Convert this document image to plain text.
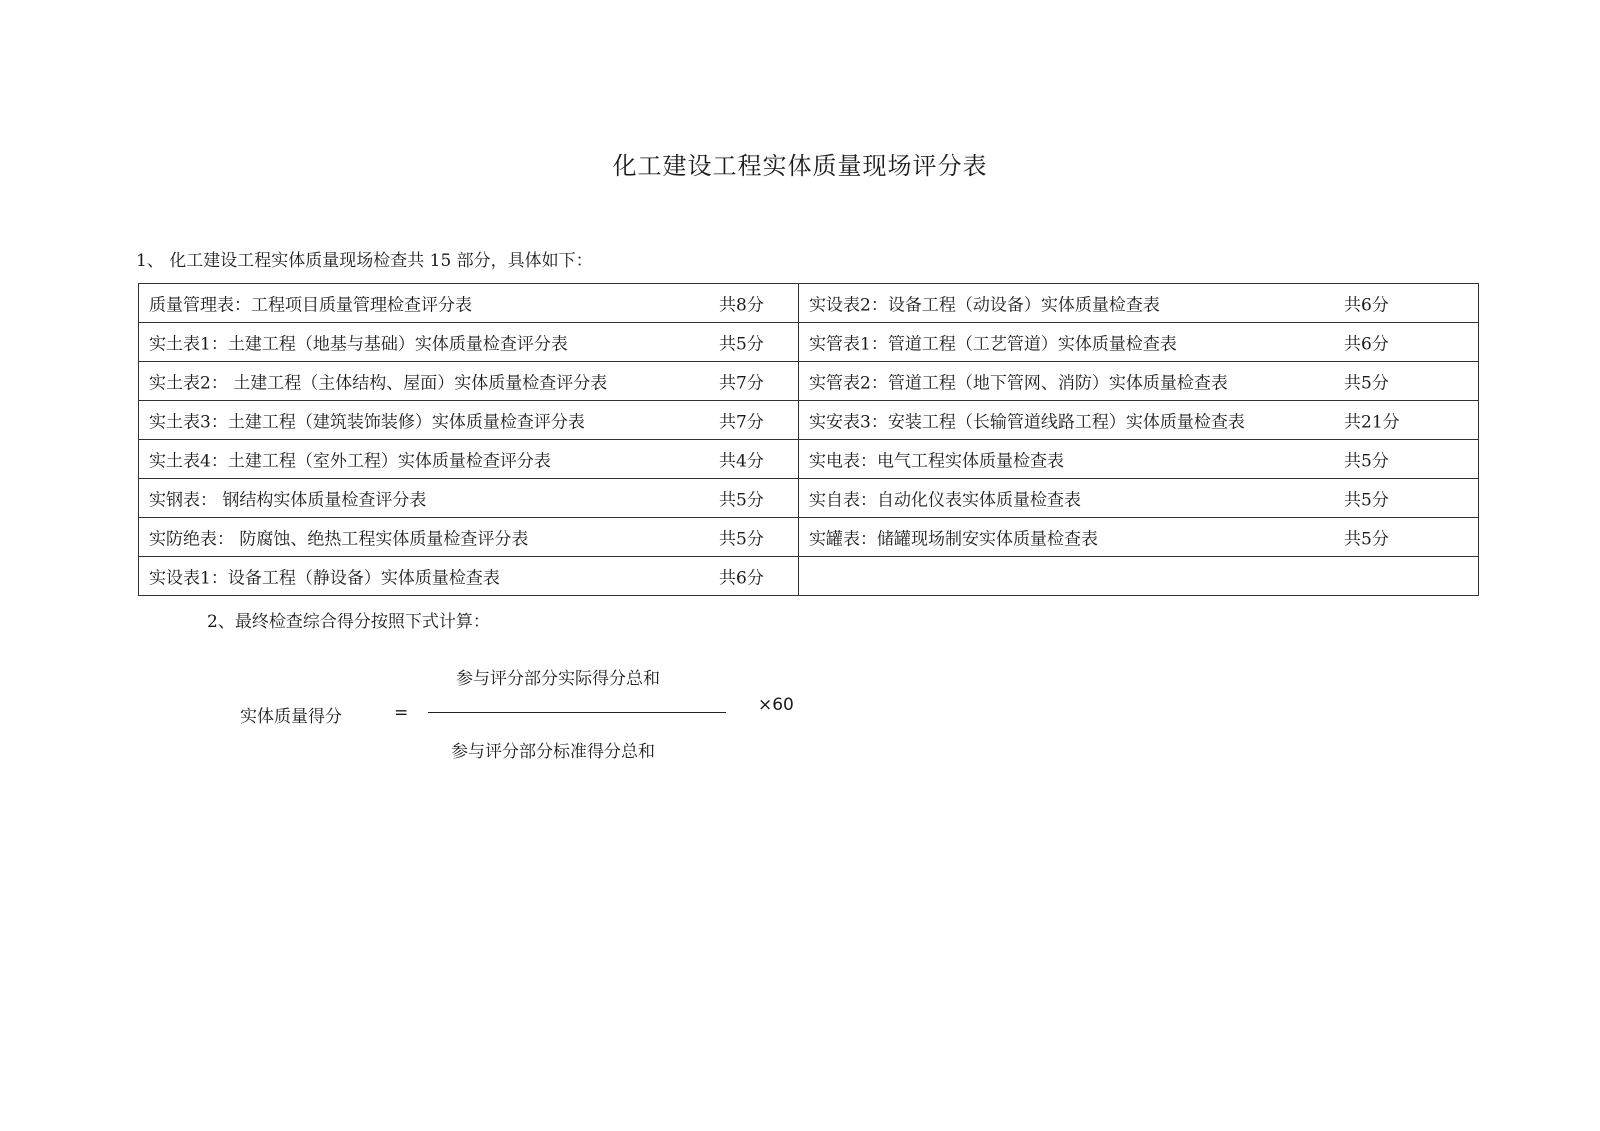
化工建设工程实体质量现场评分表
1、 化工建设工程实体质量现场检查共 15 部分，具体如下：
质量管理表：工程项目质量管理检查评分表 共8分	实设表2：设备工程（动设备）实体质量检查表 共6分

实土表1：土建工程（地基与基础）实体质量检查评分表 共5分	实管表1：管道工程（工艺管道）实体质量检查表 共6分

实土表2： 土建工程（主体结构、屋面）实体质量检查评分表 共7分	实管表2：管道工程（地下管网、消防）实体质量检查表 共5分

实土表3：土建工程（建筑装饰装修）实体质量检查评分表 共7分	实安表3：安装工程（长输管道线路工程）实体质量检查表 共21分

实土表4：土建工程（室外工程）实体质量检查评分表 共4分	实电表：电气工程实体质量检查表 共5分

实钢表： 钢结构实体质量检查评分表 共5分	实自表：自动化仪表实体质量检查表 共5分

实防绝表： 防腐蚀、绝热工程实体质量检查评分表 共5分	实罐表：储罐现场制安实体质量检查表 共5分

实设表1：设备工程（静设备）实体质量检查表 共6分	

2、最终检查综合得分按照下式计算：
实体质量得分	=
参与评分部分实际得分总和
参与评分部分标准得分总和
×60
